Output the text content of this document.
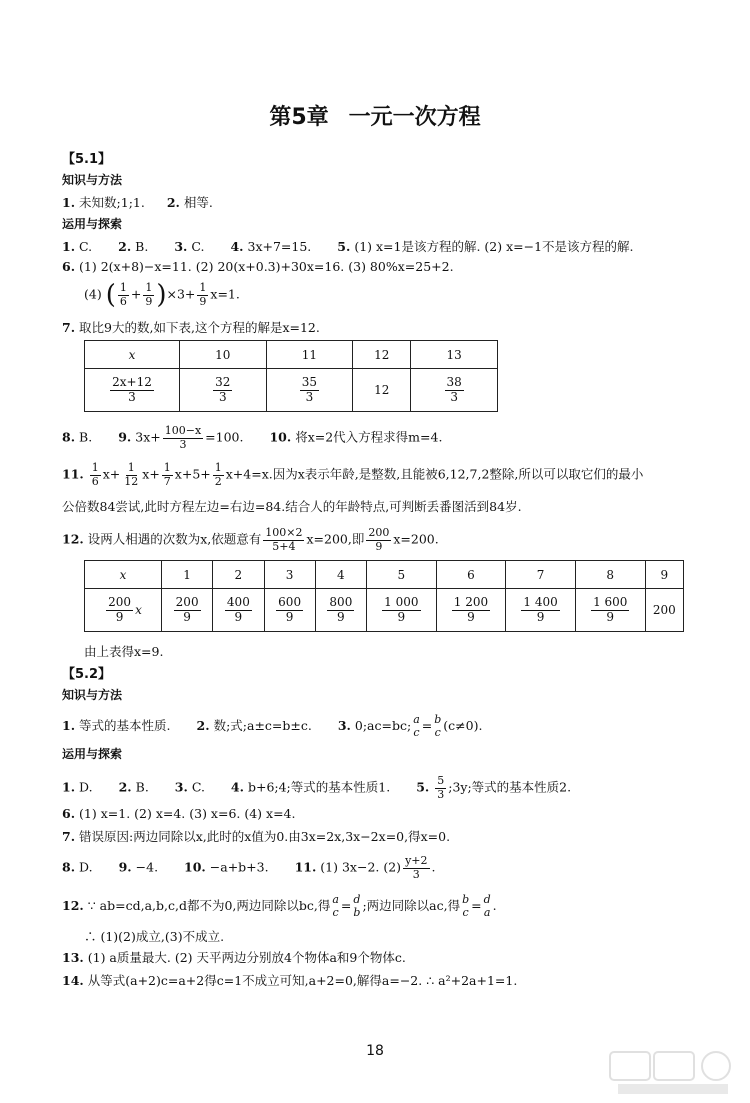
第5章 一元一次方程
【5.1】
知识与方法
1. 未知数;1;1. 2. 相等.
运用与探索
1. C. 2. B. 3. C. 4. 3x+7=15. 5. (1) x=1是该方程的解. (2) x=−1不是该方程的解.
6. (1) 2(x+8)−x=11. (2) 20(x+0.3)+30x=16. (3) 80%x=25+2.
(4) ( $\frac{1}{6} + \frac{1}{9} )\times 3+ \frac{1}{9} x=1$.
7. 取比9大的数,如下表,这个方程的解是x=12.
x	10	11	12	13

$\frac{2x+12}{3}$	$\frac{32}{3}$	$\frac{35}{3}$	12	$\frac{38}{3}$
8. B. 9. $3x+ \frac{100-x}{3} =100$. 10. 将x=2代入方程求得m=4.
11. $\frac{1}{6} x+ \frac{1}{12} x+ \frac{1}{7} x+5+ \frac{1}{2} x+4=x$.因为x表示年龄,是整数,且能被6,12,7,2整除,所以可以取它们的最小
公倍数84尝试,此时方程左边=右边=84.结合人的年龄特点,可判断丢番图活到84岁.
12. 设两人相遇的次数为x,依题意有 $\frac{100\times 2}{5+4} x=200$,即 $\frac{200}{9} x=200$.
x	1	2	3	4	5	6	7	8	9

$\frac{200}{9}$ x	$\frac{200}{9}$	$\frac{400}{9}$	$\frac{600}{9}$	$\frac{800}{9}$	$\frac{1 000}{9}$	$\frac{1 200}{9}$	$\frac{1 400}{9}$	$\frac{1 600}{9}$	200
由上表得x=9.
【5.2】
知识与方法
1. 等式的基本性质. 2. 数;式;a±c=b±c. 3. 0;ac=bc; a
c = b
c (c≠0).
运用与探索
1. D. 2. B. 3. C. 4. b+6;4;等式的基本性质1. 5. $\frac{5}{3}$ ;3y;等式的基本性质2.
6. (1) x=1. (2) x=4. (3) x=6. (4) x=4.
7. 错误原因:两边同除以x,此时的x值为0.由3x=2x,3x−2x=0,得x=0.
8. D. 9. −4. 10. −a+b+3. 11. (1) 3x−2. $(2) \frac{y+2}{3}$ .
12. ∵ ab=cd,a,b,c,d都不为0,两边同除以bc,得 a
c = d
b ;两边同除以ac,得 b
c = d
a .
∴ (1)(2)成立,(3)不成立.
13. (1) a质量最大. (2) 天平两边分别放4个物体a和9个物体c.
14. 从等式(a+2)c=a+2得c=1不成立可知,a+2=0,解得a=−2. ∴ a²+2a+1=1.
18
